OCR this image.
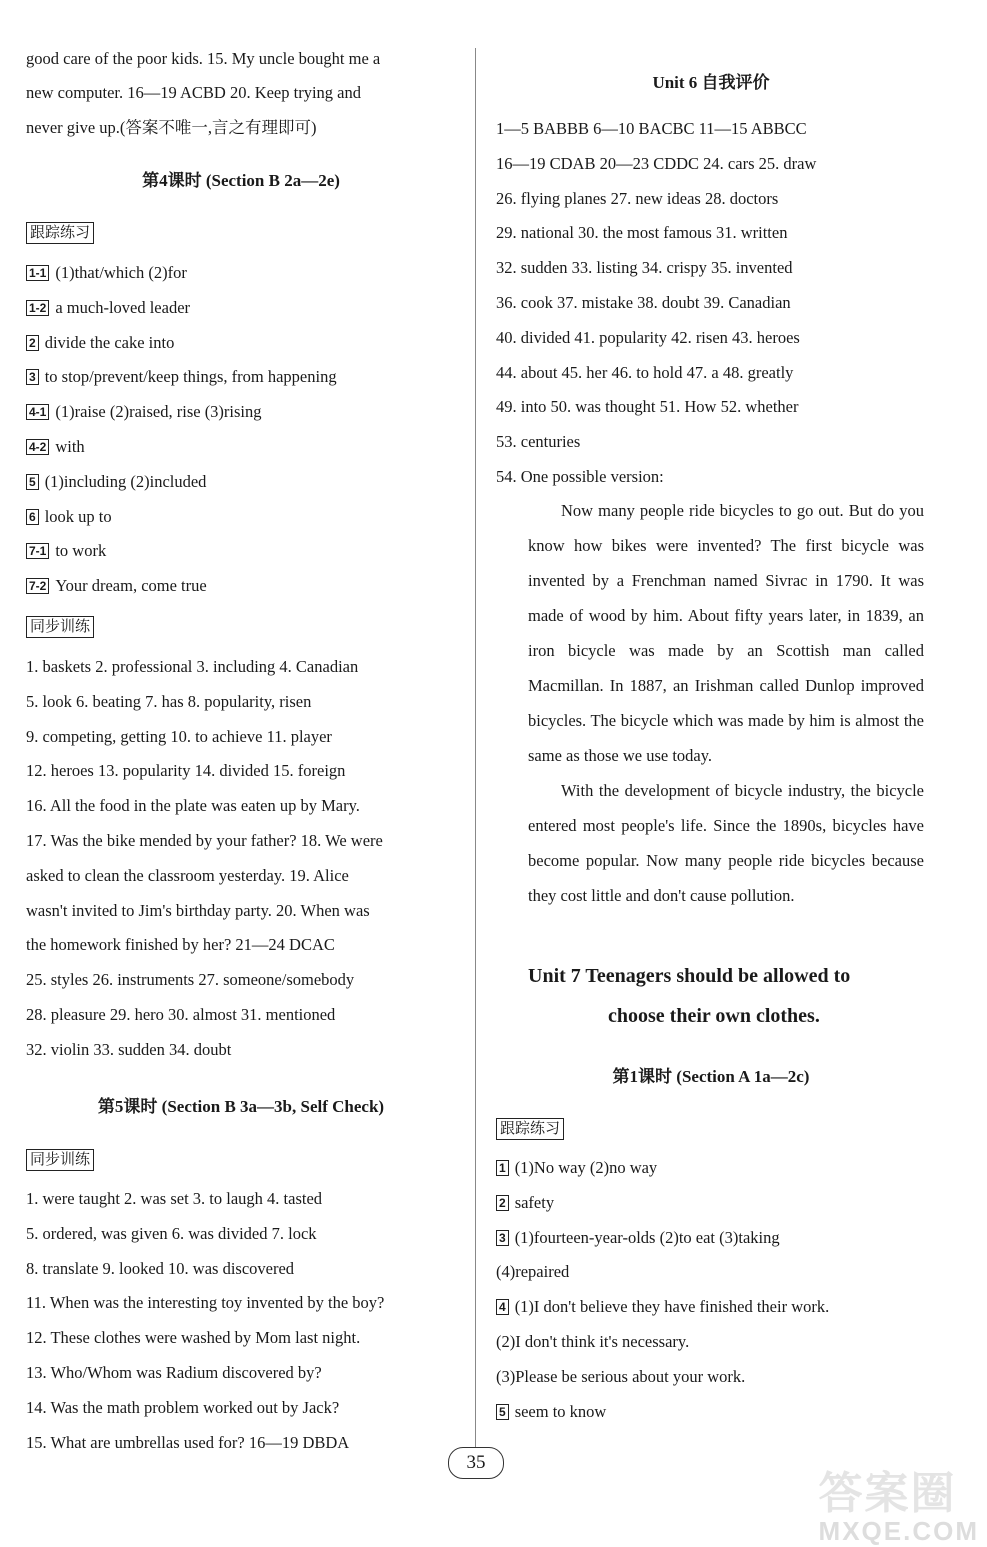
good care of the poor kids. 15. My uncle bought me a
new computer. 16—19 ACBD 20. Keep trying and
never give up.(答案不唯一,言之有理即可)
第4课时 (Section B 2a—2e)
跟踪练习
1-1 (1)that/which (2)for
1-2 a much-loved leader
2 divide the cake into
3 to stop/prevent/keep things, from happening
4-1 (1)raise (2)raised, rise (3)rising
4-2 with
5 (1)including (2)included
6 look up to
7-1 to work
7-2 Your dream, come true
同步训练
1. baskets 2. professional 3. including 4. Canadian
5. look 6. beating 7. has 8. popularity, risen
9. competing, getting 10. to achieve 11. player
12. heroes 13. popularity 14. divided 15. foreign
16. All the food in the plate was eaten up by Mary.
17. Was the bike mended by your father? 18. We were
asked to clean the classroom yesterday. 19. Alice
wasn't invited to Jim's birthday party. 20. When was
the homework finished by her? 21—24 DCAC
25. styles 26. instruments 27. someone/somebody
28. pleasure 29. hero 30. almost 31. mentioned
32. violin 33. sudden 34. doubt
第5课时 (Section B 3a—3b, Self Check)
同步训练
1. were taught 2. was set 3. to laugh 4. tasted
5. ordered, was given 6. was divided 7. lock
8. translate 9. looked 10. was discovered
11. When was the interesting toy invented by the boy?
12. These clothes were washed by Mom last night.
13. Who/Whom was Radium discovered by?
14. Was the math problem worked out by Jack?
15. What are umbrellas used for? 16—19 DBDA
Unit 6 自我评价
1—5 BABBB 6—10 BACBC 11—15 ABBCC
16—19 CDAB 20—23 CDDC 24. cars 25. draw
26. flying planes 27. new ideas 28. doctors
29. national 30. the most famous 31. written
32. sudden 33. listing 34. crispy 35. invented
36. cook 37. mistake 38. doubt 39. Canadian
40. divided 41. popularity 42. risen 43. heroes
44. about 45. her 46. to hold 47. a 48. greatly
49. into 50. was thought 51. How 52. whether
53. centuries
54. One possible version:

Now many people ride bicycles to go out. But do you know how bikes were invented? The first bicycle was invented by a Frenchman named Sivrac in 1790. It was made of wood by him. About fifty years later, in 1839, an iron bicycle was made by an Scottish man called Macmillan. In 1887, an Irishman called Dunlop improved bicycles. The bicycle which was made by him is almost the same as those we use today.

With the development of bicycle industry, the bicycle entered most people's life. Since the 1890s, bicycles have become popular. Now many people ride bicycles because they cost little and don't cause pollution.

Unit 7 Teenagers should be allowed to
choose their own clothes.
第1课时 (Section A 1a—2c)
跟踪练习
1 (1)No way (2)no way
2 safety
3 (1)fourteen-year-olds (2)to eat (3)taking
(4)repaired
4 (1)I don't believe they have finished their work.
(2)I don't think it's necessary.
(3)Please be serious about your work.
5 seem to know
35
答案圈
MXQE.COM
